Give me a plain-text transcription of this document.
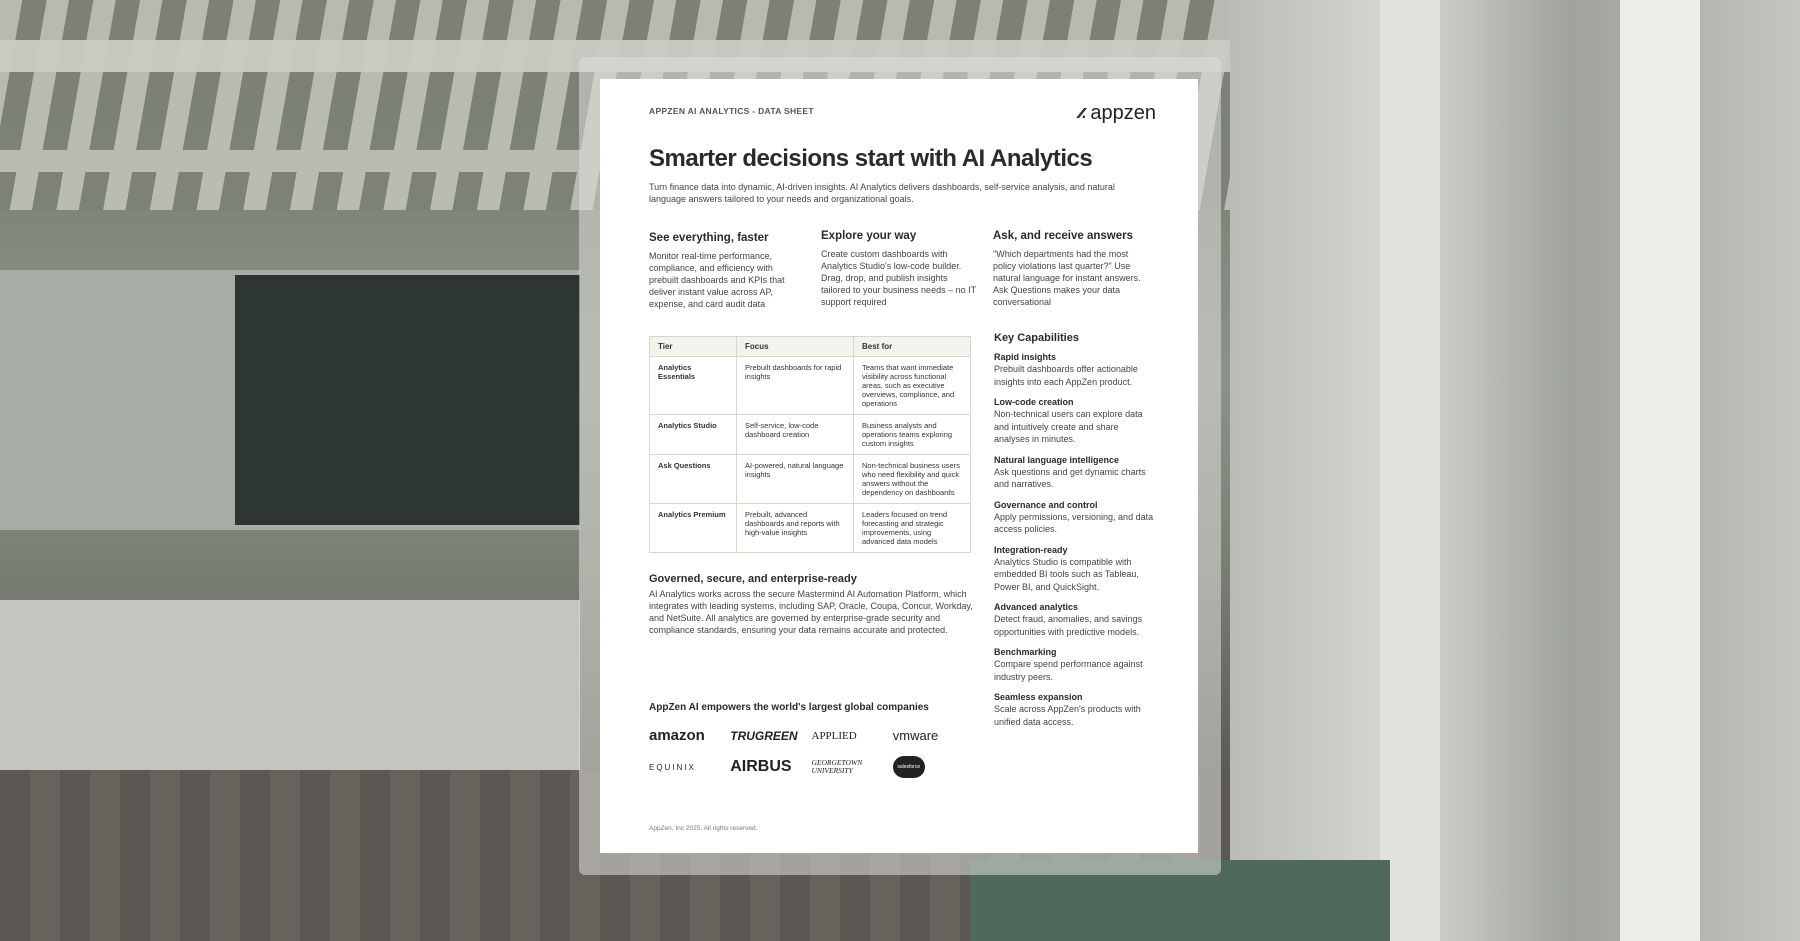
APPZEN AI ANALYTICS - DATA SHEET	⁄⁄. appzen
Smarter decisions start with AI Analytics
Turn finance data into dynamic, AI-driven insights. AI Analytics delivers dashboards, self-service analysis, and natural language answers tailored to your needs and organizational goals.
See everything, faster

Monitor real-time performance, compliance, and efficiency with prebuilt dashboards and KPIs that deliver instant value across AP, expense, and card audit data

Explore your way

Create custom dashboards with Analytics Studio's low-code builder. Drag, drop, and publish insights tailored to your business needs – no IT support required

Ask, and receive answers

"Which departments had the most policy violations last quarter?" Use natural language for instant answers. Ask Questions makes your data conversational

Tier	Focus	Best for
Analytics Essentials	Prebuilt dashboards for rapid insights	Teams that want immediate visibility across functional areas, such as executive overviews, compliance, and operations
Analytics Studio	Self-service, low-code dashboard creation	Business analysts and operations teams exploring custom insights
Ask Questions	AI-powered, natural language insights	Non-technical business users who need flexibility and quick answers without the dependency on dashboards
Analytics Premium	Prebuilt, advanced dashboards and reports with high-value insights	Leaders focused on trend forecasting and strategic improvements, using advanced data models
Governed, secure, and enterprise-ready

AI Analytics works across the secure Mastermind AI Automation Platform, which integrates with leading systems, including SAP, Oracle, Coupa, Concur, Workday, and NetSuite. All analytics are governed by enterprise-grade security and compliance standards, ensuring your data remains accurate and protected.

Key Capabilities
Rapid insights
Prebuilt dashboards offer actionable insights into each AppZen product.
Low-code creation
Non-technical users can explore data and intuitively create and share analyses in minutes.
Natural language intelligence
Ask questions and get dynamic charts and narratives.
Governance and control
Apply permissions, versioning, and data access policies.
Integration-ready
Analytics Studio is compatible with embedded BI tools such as Tableau, Power BI, and QuickSight.
Advanced analytics
Detect fraud, anomalies, and savings opportunities with predictive models.
Benchmarking
Compare spend performance against industry peers.
Seamless expansion
Scale across AppZen's products with unified data access.
AppZen AI empowers the world's largest global companies
amazon	TRUGREEN	APPLIED	vmware
EQUINIX	AIRBUS	GEORGETOWN UNIVERSITY	salesforce
AppZen, Inc 2025. All rights reserved.
